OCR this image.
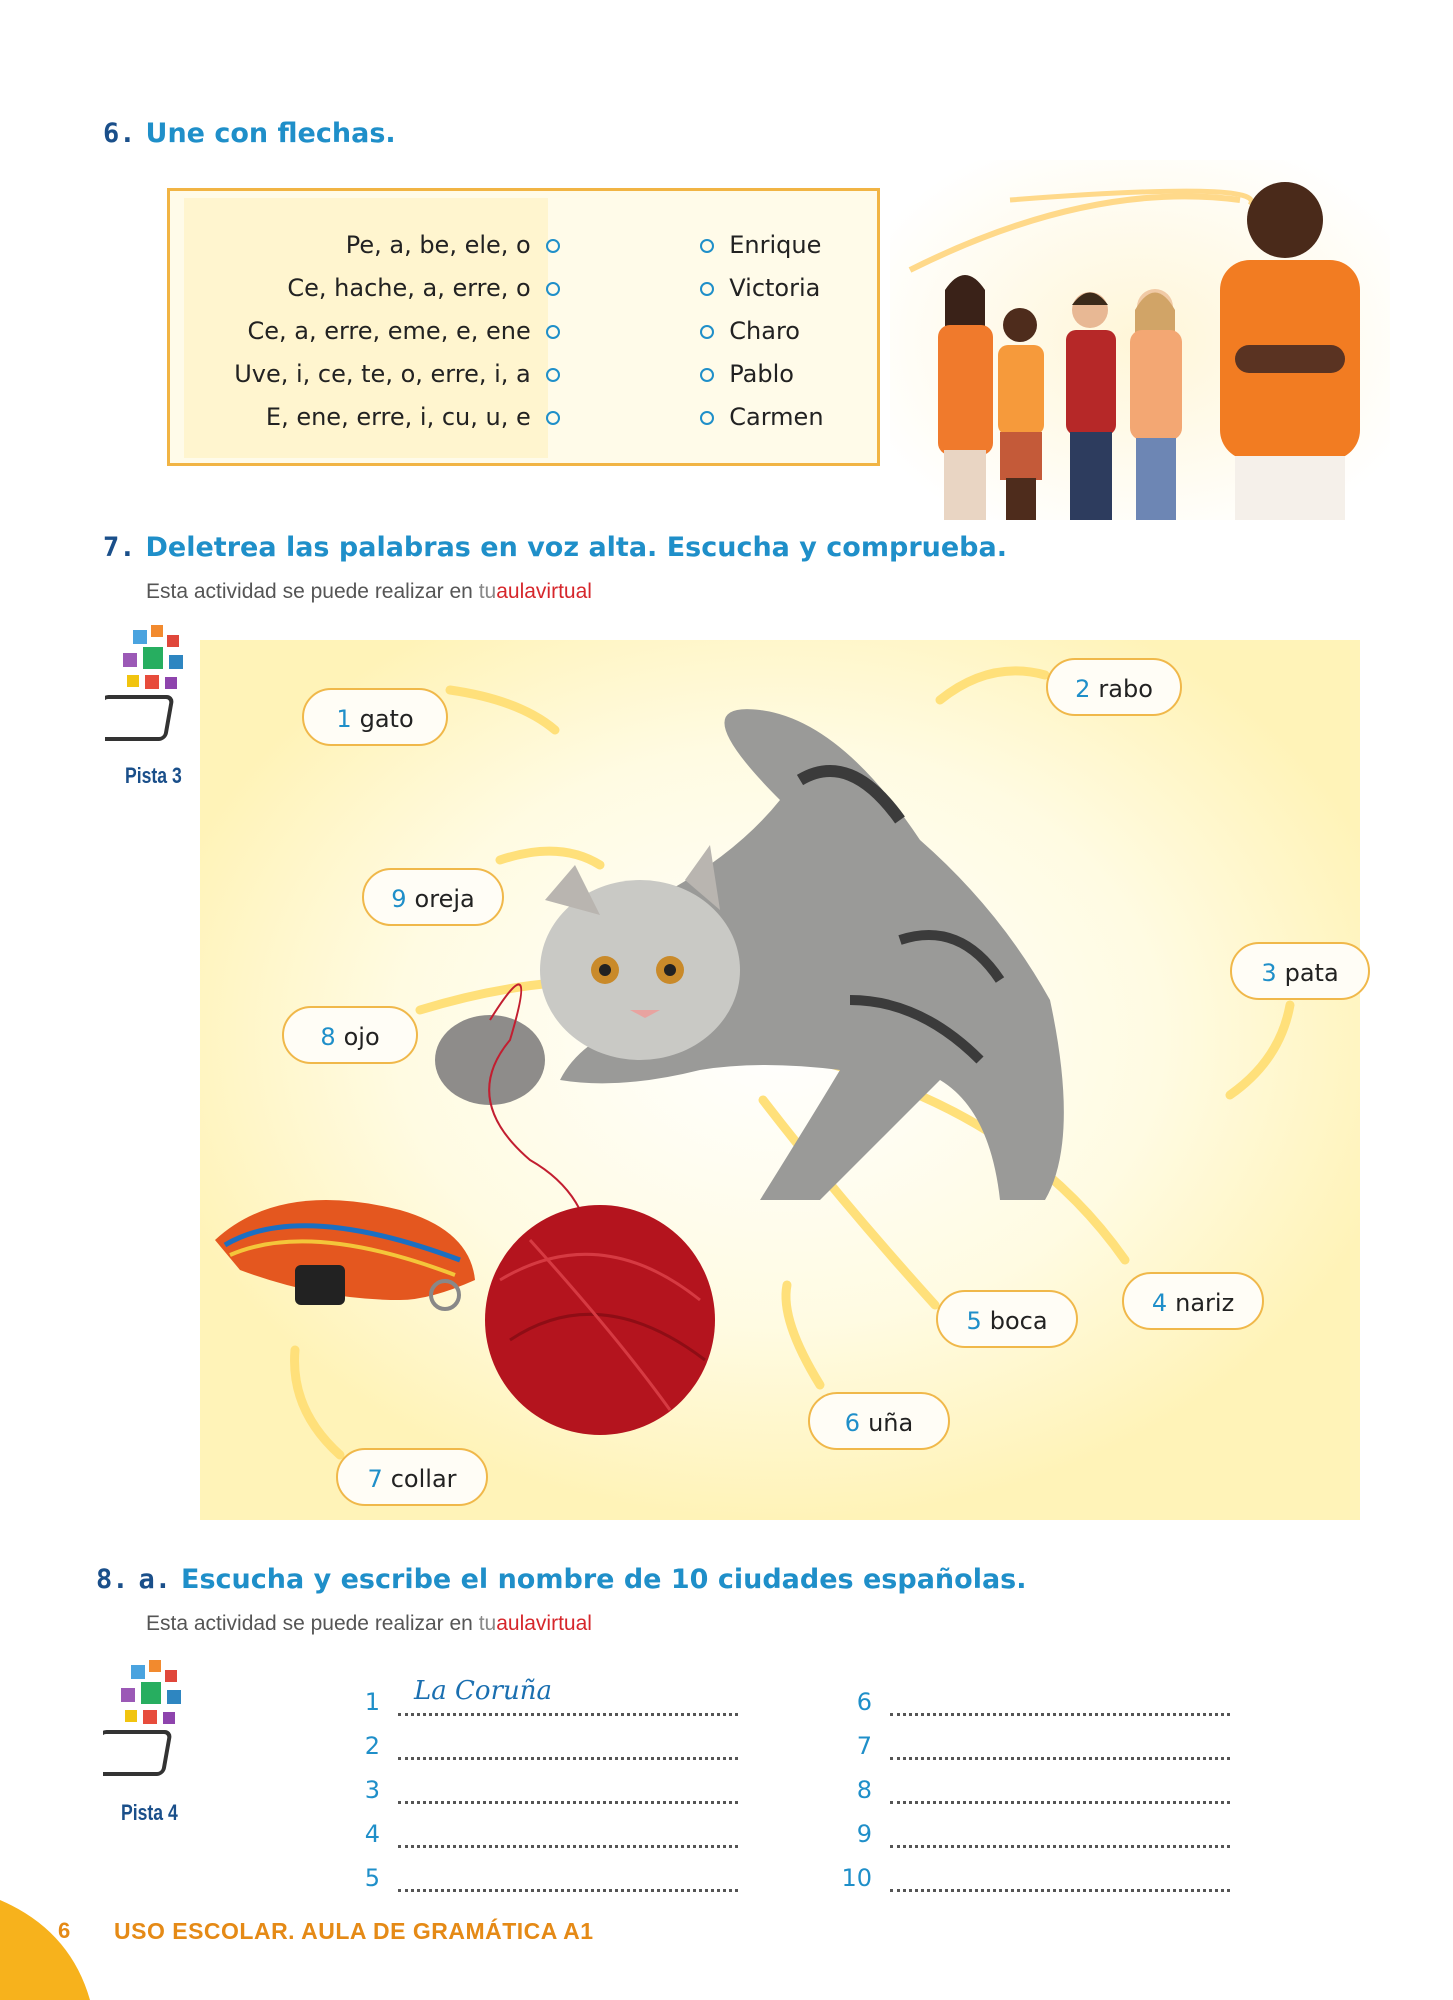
6. Une con flechas.
Pe, a, be, ele, o
Ce, hache, a, erre, o
Ce, a, erre, eme, e, ene
Uve, i, ce, te, o, erre, i, a
E, ene, erre, i, cu, u, e
Enrique
Victoria
Charo
Pablo
Carmen
7. Deletrea las palabras en voz alta. Escucha y comprueba.
Esta actividad se puede realizar en tuaulavirtual
Pista 3
1 gato
2 rabo
3 pata
4 nariz
5 boca
6 uña
7 collar
8 ojo
9 oreja
8. a. Escucha y escribe el nombre de 10 ciudades españolas.
Esta actividad se puede realizar en tuaulavirtual
Pista 4
1	La Coruña
2
3
4
5
6
7
8
9
10
6 USO ESCOLAR. AULA DE GRAMÁTICA A1
